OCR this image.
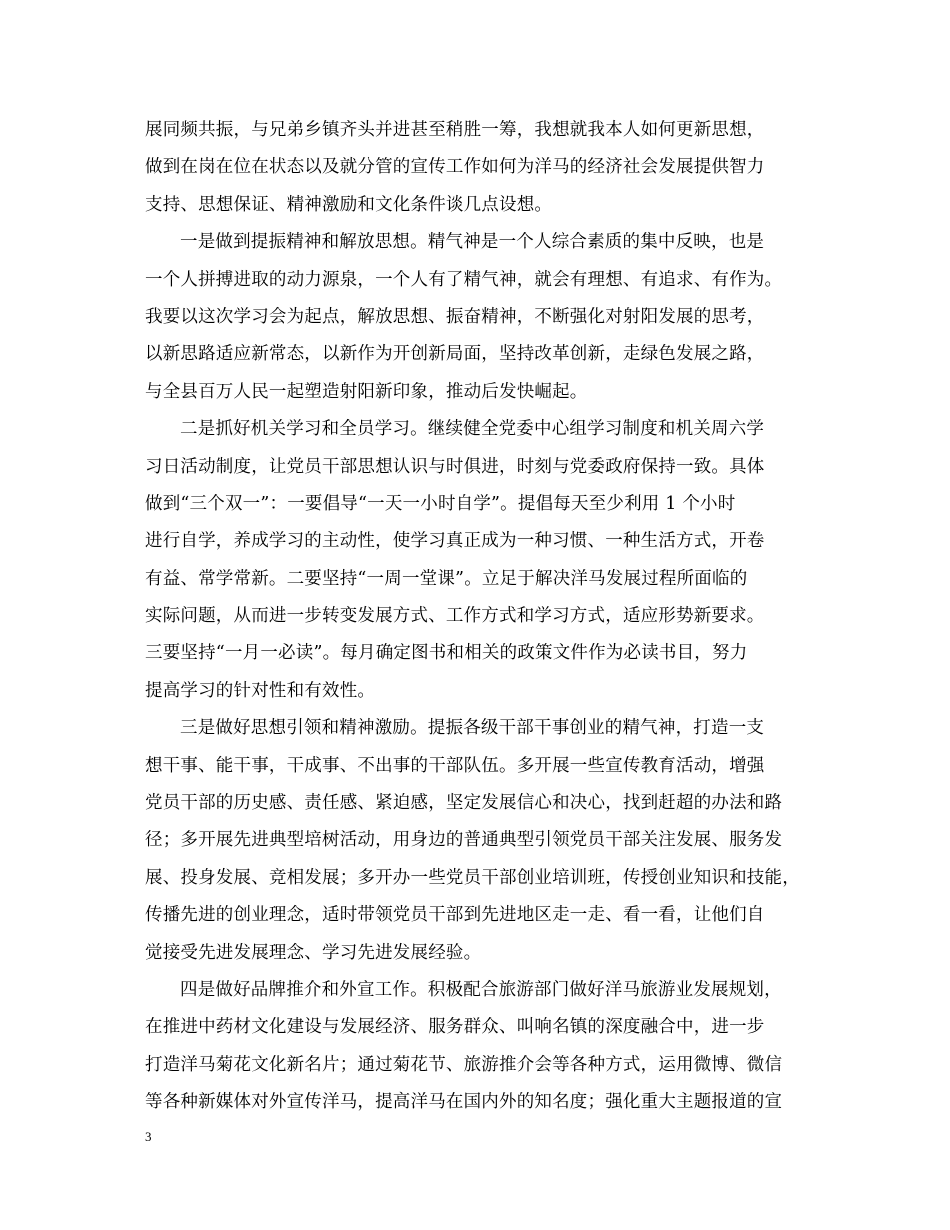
展同频共振，与兄弟乡镇齐头并进甚至稍胜一筹，我想就我本人如何更新思想，
做到在岗在位在状态以及就分管的宣传工作如何为洋马的经济社会发展提供智力
支持、思想保证、精神激励和文化条件谈几点设想。
一是做到提振精神和解放思想。精气神是一个人综合素质的集中反映，也是
一个人拼搏进取的动力源泉，一个人有了精气神，就会有理想、有追求、有作为。
我要以这次学习会为起点，解放思想、振奋精神，不断强化对射阳发展的思考，
以新思路适应新常态，以新作为开创新局面，坚持改革创新，走绿色发展之路，
与全县百万人民一起塑造射阳新印象，推动后发快崛起。
二是抓好机关学习和全员学习。继续健全党委中心组学习制度和机关周六学
习日活动制度，让党员干部思想认识与时俱进，时刻与党委政府保持一致。具体
做到“三个双一”：一要倡导“一天一小时自学”。提倡每天至少利用 1 个小时
进行自学，养成学习的主动性，使学习真正成为一种习惯、一种生活方式，开卷
有益、常学常新。二要坚持“一周一堂课”。立足于解决洋马发展过程所面临的
实际问题，从而进一步转变发展方式、工作方式和学习方式，适应形势新要求。
三要坚持“一月一必读”。每月确定图书和相关的政策文件作为必读书目，努力
提高学习的针对性和有效性。
三是做好思想引领和精神激励。提振各级干部干事创业的精气神，打造一支
想干事、能干事，干成事、不出事的干部队伍。多开展一些宣传教育活动，增强
党员干部的历史感、责任感、紧迫感，坚定发展信心和决心，找到赶超的办法和路
径；多开展先进典型培树活动，用身边的普通典型引领党员干部关注发展、服务发
展、投身发展、竞相发展；多开办一些党员干部创业培训班，传授创业知识和技能，
传播先进的创业理念，适时带领党员干部到先进地区走一走、看一看，让他们自
觉接受先进发展理念、学习先进发展经验。
四是做好品牌推介和外宣工作。积极配合旅游部门做好洋马旅游业发展规划，
在推进中药材文化建设与发展经济、服务群众、叫响名镇的深度融合中，进一步
打造洋马菊花文化新名片；通过菊花节、旅游推介会等各种方式，运用微博、微信
等各种新媒体对外宣传洋马，提高洋马在国内外的知名度；强化重大主题报道的宣
3
